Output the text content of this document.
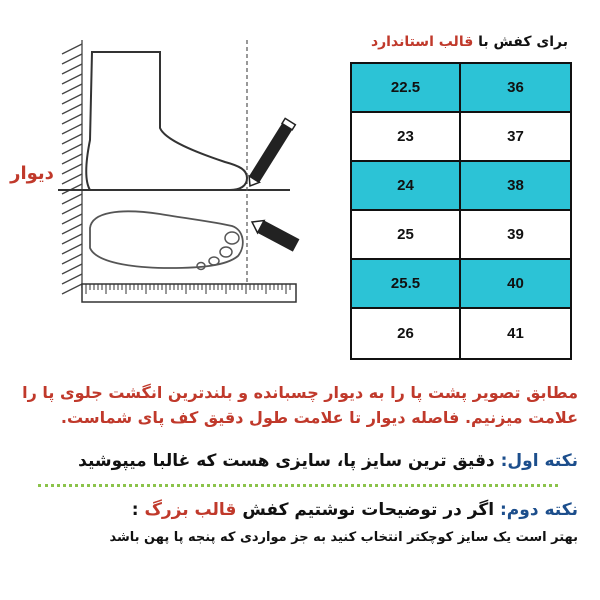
دیوار
برای کفش با قالب استاندارد
22.5	36
23	37
24	38
25	39
25.5	40
26	41
مطابق تصویر پشت پا را به دیوار چسبانده و بلندترین انگشت جلوی پا را
علامت میزنیم. فاصله دیوار تا علامت طول دقیق کف پای شماست.
نکته اول: دقیق ترین سایز پا، سایزی هست که غالبا میپوشید
نکته دوم: اگر در توضیحات نوشتیم کفش قالب بزرگ :
بهتر است یک سایز کوچکتر انتخاب کنید به جز مواردی که پنجه پا پهن باشد
